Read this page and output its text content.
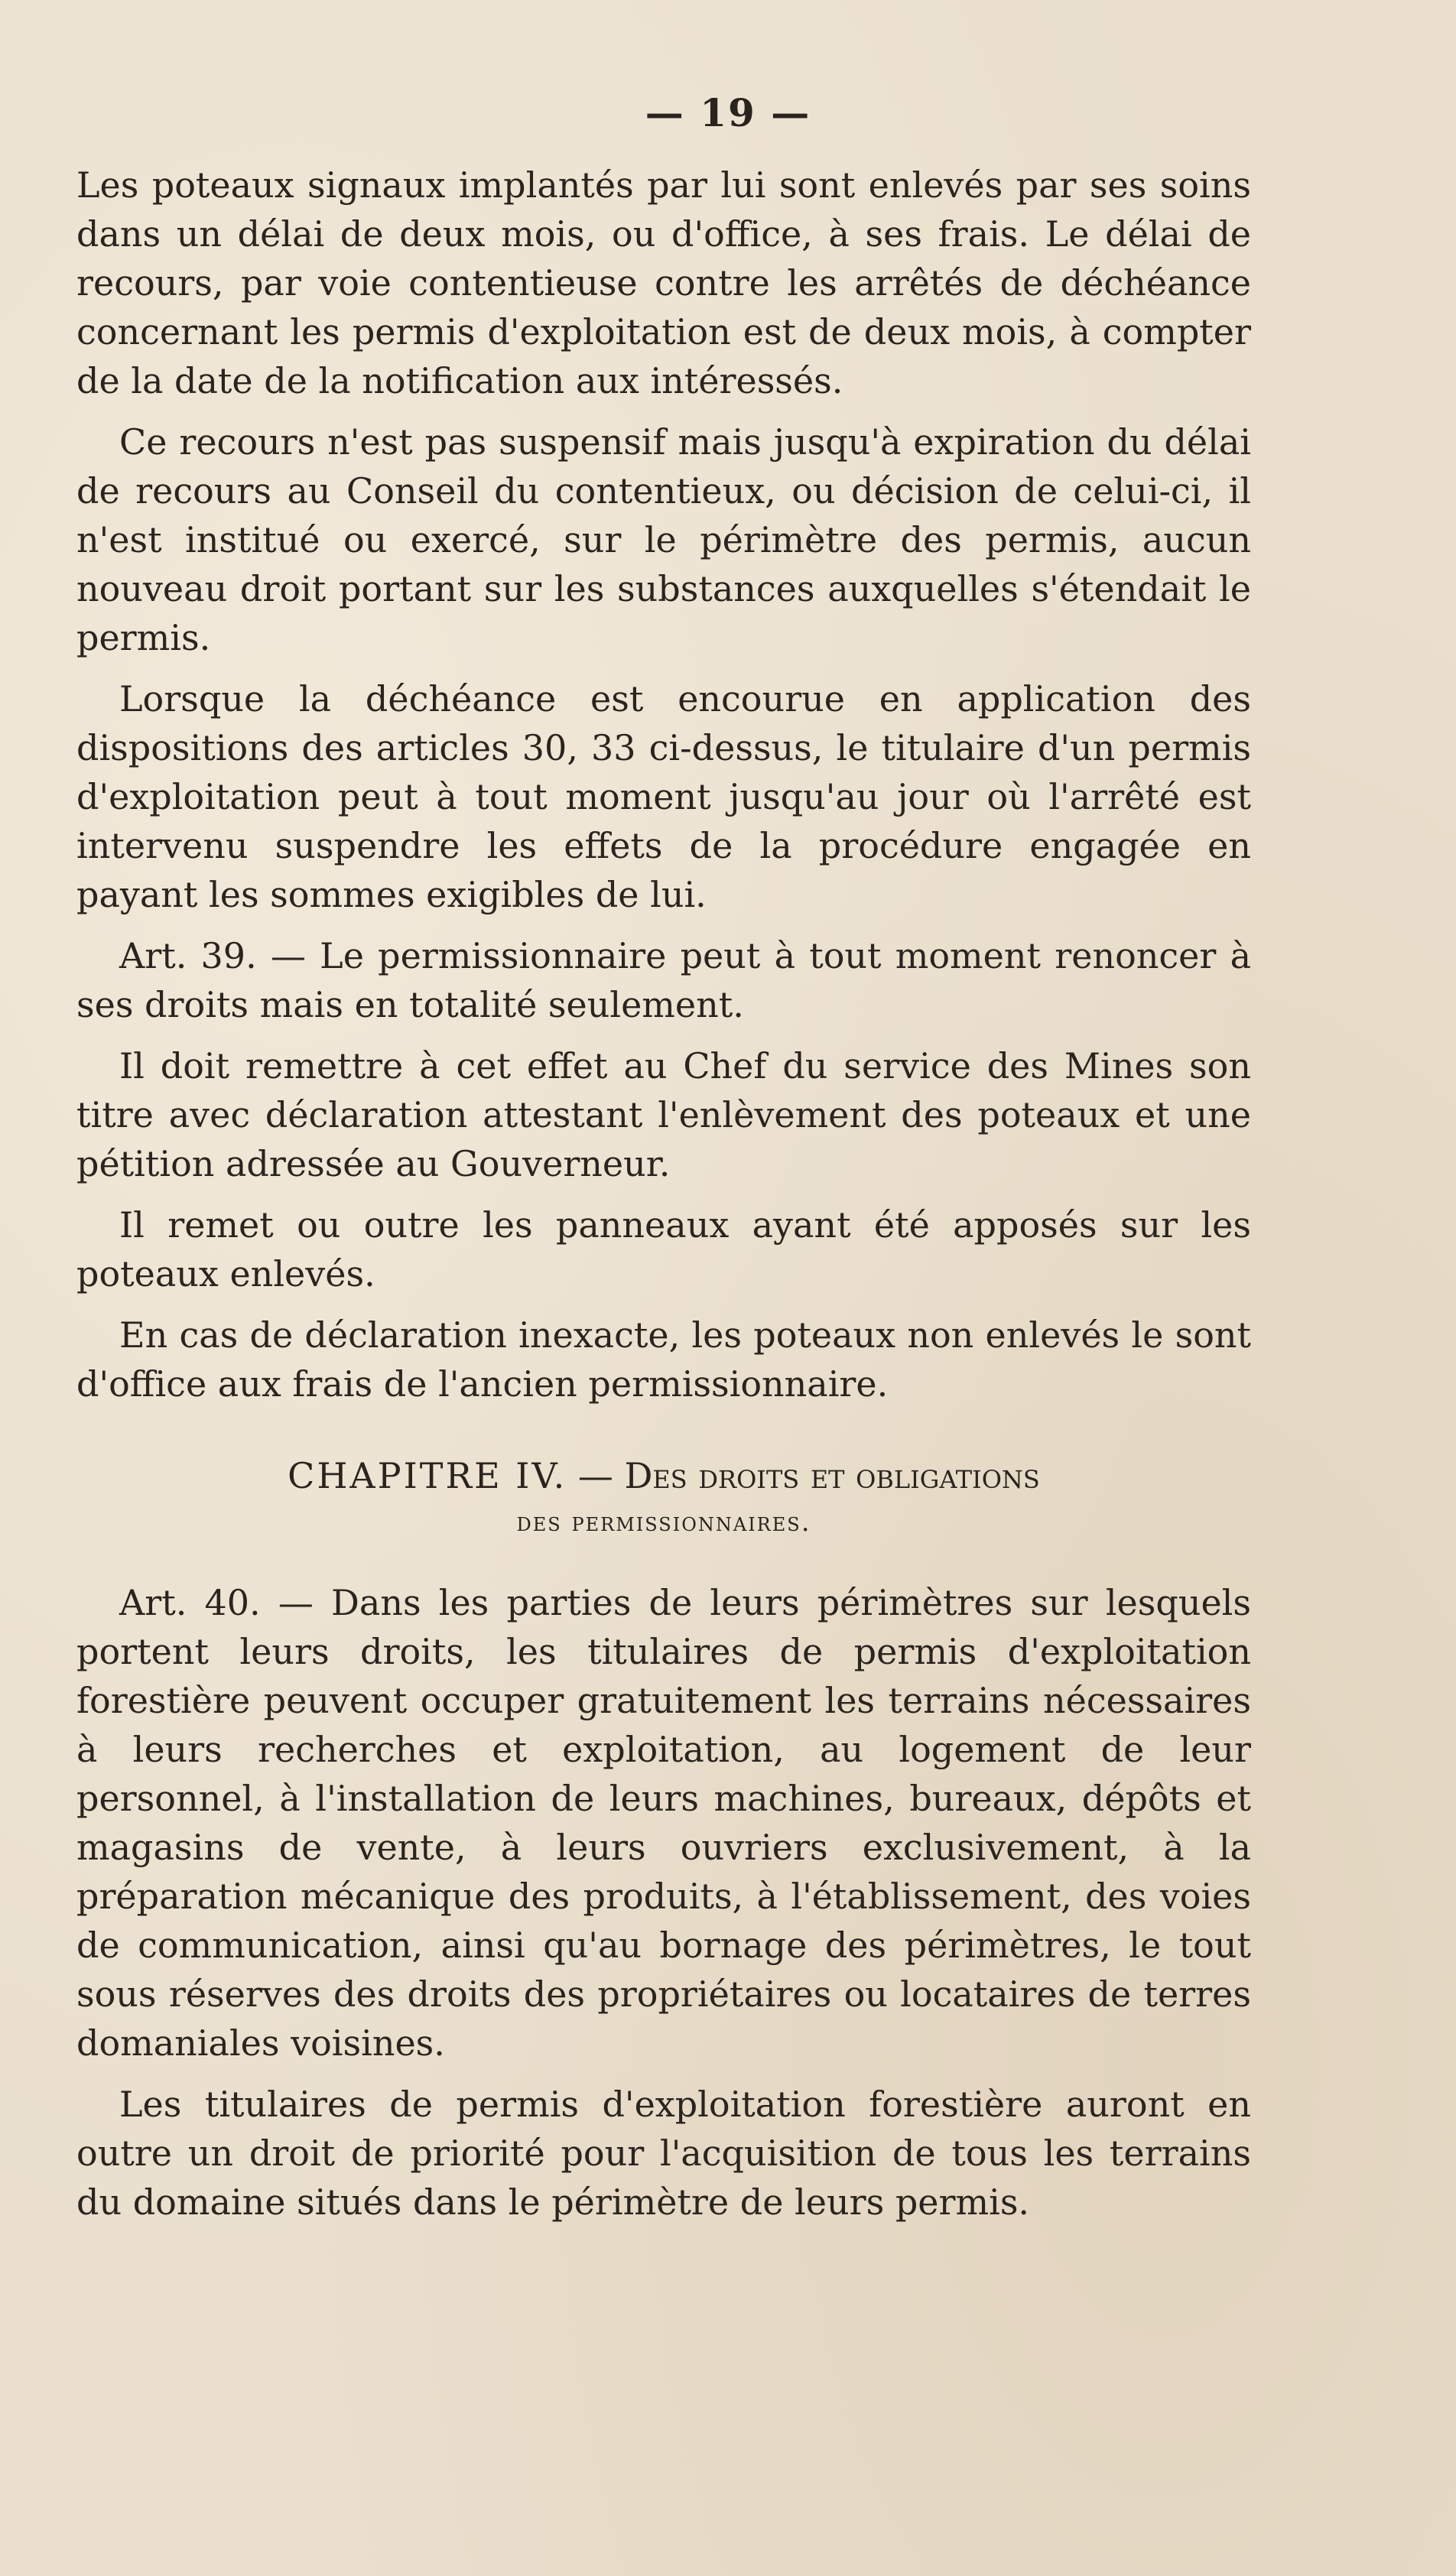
— 19 —

Les poteaux signaux implantés par lui sont enlevés par ses soins dans un délai de deux mois, ou d'office, à ses frais. Le délai de recours, par voie contentieuse contre les arrêtés de déchéance concernant les permis d'exploitation est de deux mois, à compter de la date de la notification aux intéressés.

Ce recours n'est pas suspensif mais jusqu'à expiration du délai de recours au Conseil du contentieux, ou décision de celui-ci, il n'est institué ou exercé, sur le périmètre des permis, aucun nouveau droit portant sur les substances auxquelles s'étendait le permis.

Lorsque la déchéance est encourue en application des dispositions des articles 30, 33 ci-dessus, le titulaire d'un permis d'exploitation peut à tout moment jusqu'au jour où l'arrêté est intervenu suspendre les effets de la procédure engagée en payant les sommes exigibles de lui.

Art. 39. — Le permissionnaire peut à tout moment renoncer à ses droits mais en totalité seulement.

Il doit remettre à cet effet au Chef du service des Mines son titre avec déclaration attestant l'enlèvement des poteaux et une pétition adressée au Gouverneur.

Il remet ou outre les panneaux ayant été apposés sur les poteaux enlevés.

En cas de déclaration inexacte, les poteaux non enlevés le sont d'office aux frais de l'ancien permissionnaire.

CHAPITRE IV. — Des droits et obligations
des permissionnaires.

Art. 40. — Dans les parties de leurs périmètres sur lesquels portent leurs droits, les titulaires de permis d'exploitation forestière peuvent occuper gratuitement les terrains nécessaires à leurs recherches et exploitation, au logement de leur personnel, à l'installation de leurs machines, bureaux, dépôts et magasins de vente, à leurs ouvriers exclusivement, à la préparation mécanique des produits, à l'établissement, des voies de communication, ainsi qu'au bornage des périmètres, le tout sous réserves des droits des propriétaires ou locataires de terres domaniales voisines.

Les titulaires de permis d'exploitation forestière auront en outre un droit de priorité pour l'acquisition de tous les terrains du domaine situés dans le périmètre de leurs permis.
